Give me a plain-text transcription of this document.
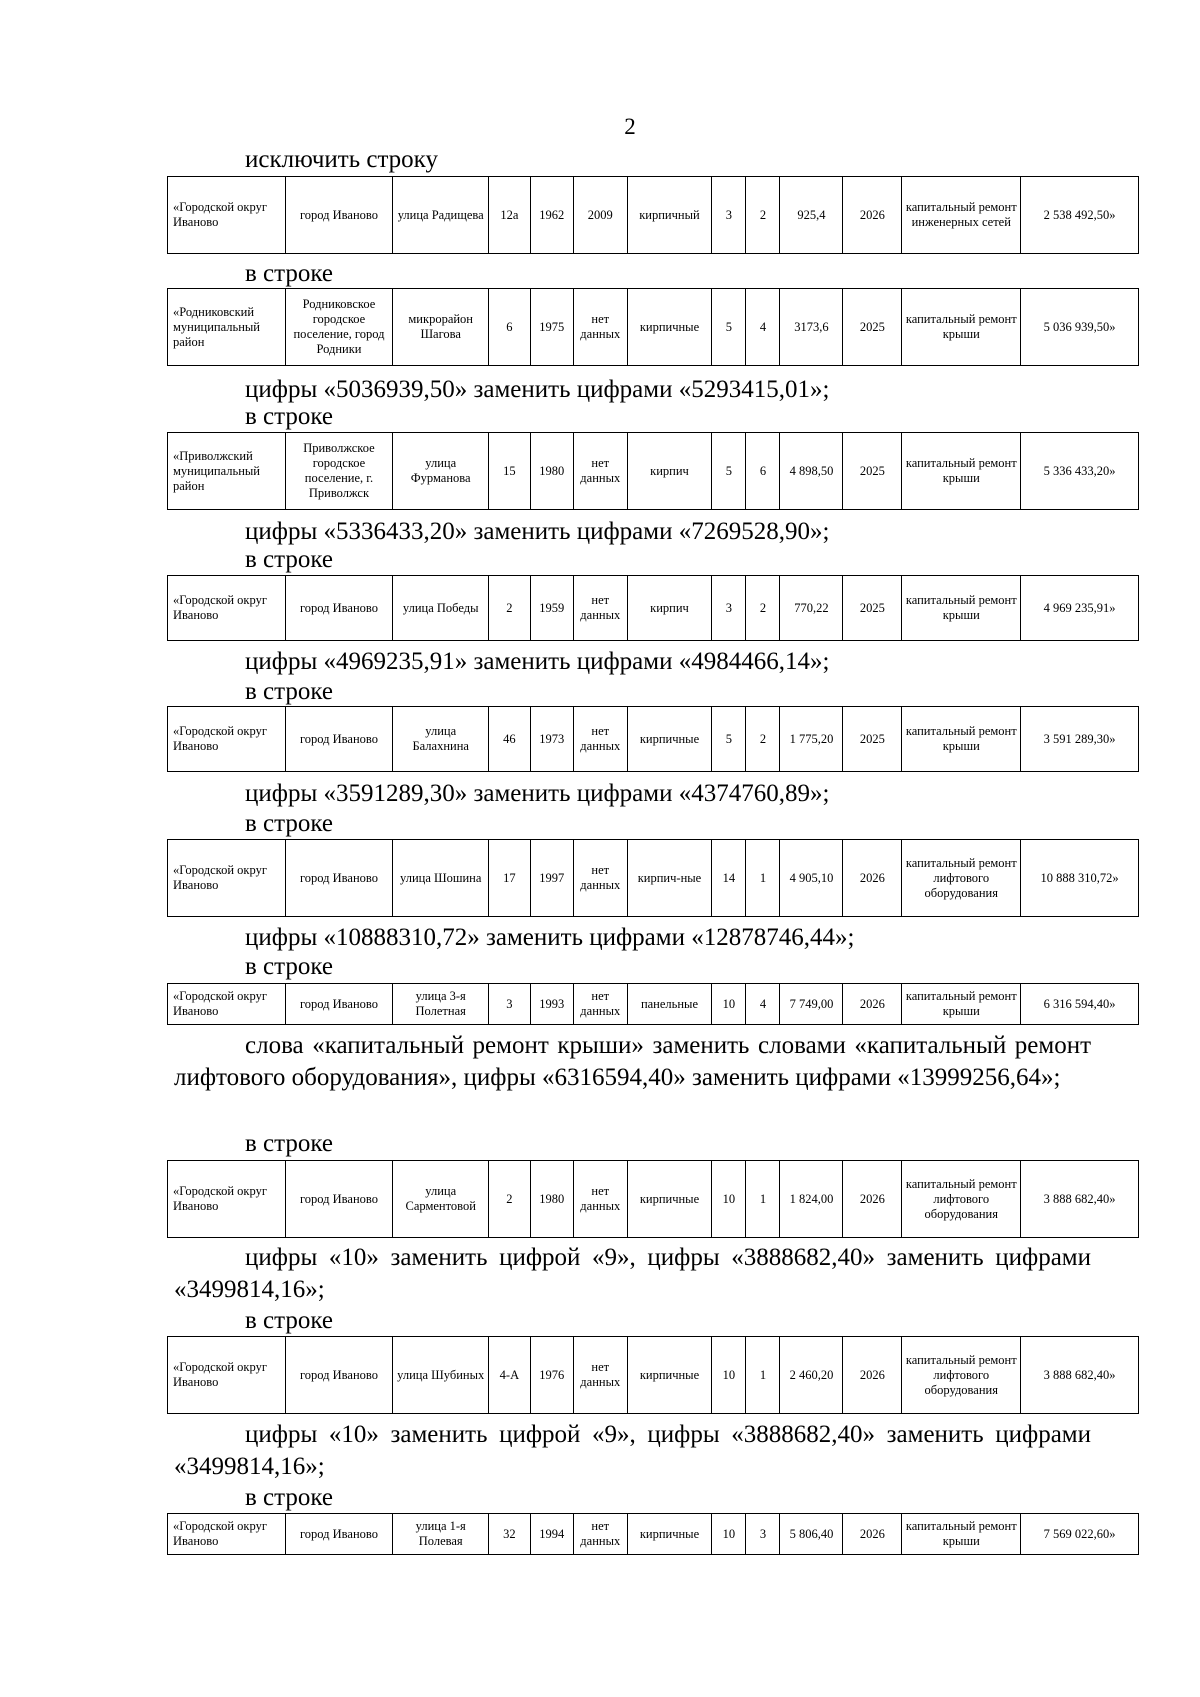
2
исключить строку
«Городской округ Иваново	город Иваново	улица Радищева	12а	1962	2009	кирпичный	3	2	925,4	2026	капитальный ремонт инженерных сетей	2 538 492,50»
в строке
«Родниковский муниципальный район	Родниковское городское поселение, город Родники	микрорайон Шагова	6	1975	нет данных	кирпичные	5	4	3173,6	2025	капитальный ремонт крыши	5 036 939,50»
цифры «5036939,50» заменить цифрами «5293415,01»;
в строке
«Приволжский муниципальный район	Приволжское городское поселение, г. Приволжск	улица Фурманова	15	1980	нет данных	кирпич	5	6	4 898,50	2025	капитальный ремонт крыши	5 336 433,20»
цифры «5336433,20» заменить цифрами «7269528,90»;
в строке
«Городской округ Иваново	город Иваново	улица Победы	2	1959	нет данных	кирпич	3	2	770,22	2025	капитальный ремонт крыши	4 969 235,91»
цифры «4969235,91» заменить цифрами «4984466,14»;
в строке
«Городской округ Иваново	город Иваново	улица Балахнина	46	1973	нет данных	кирпичные	5	2	1 775,20	2025	капитальный ремонт крыши	3 591 289,30»
цифры «3591289,30» заменить цифрами «4374760,89»;
в строке
«Городской округ Иваново	город Иваново	улица Шошина	17	1997	нет данных	кирпич-ные	14	1	4 905,10	2026	капитальный ремонт лифтового оборудования	10 888 310,72»
цифры «10888310,72» заменить цифрами «12878746,44»;
в строке
«Городской округ Иваново	город Иваново	улица 3-я Полетная	3	1993	нет данных	панельные	10	4	7 749,00	2026	капитальный ремонт крыши	6 316 594,40»
слова «капитальный ремонт крыши» заменить словами «капитальный ремонт лифтового оборудования», цифры «6316594,40» заменить цифрами «13999256,64»;
в строке
«Городской округ Иваново	город Иваново	улица Сарментовой	2	1980	нет данных	кирпичные	10	1	1 824,00	2026	капитальный ремонт лифтового оборудования	3 888 682,40»
цифры «10» заменить цифрой «9», цифры «3888682,40» заменить цифрами «3499814,16»;
в строке
«Городской округ Иваново	город Иваново	улица Шубиных	4-А	1976	нет данных	кирпичные	10	1	2 460,20	2026	капитальный ремонт лифтового оборудования	3 888 682,40»
цифры «10» заменить цифрой «9», цифры «3888682,40» заменить цифрами «3499814,16»;
в строке
«Городской округ Иваново	город Иваново	улица 1-я Полевая	32	1994	нет данных	кирпичные	10	3	5 806,40	2026	капитальный ремонт крыши	7 569 022,60»
